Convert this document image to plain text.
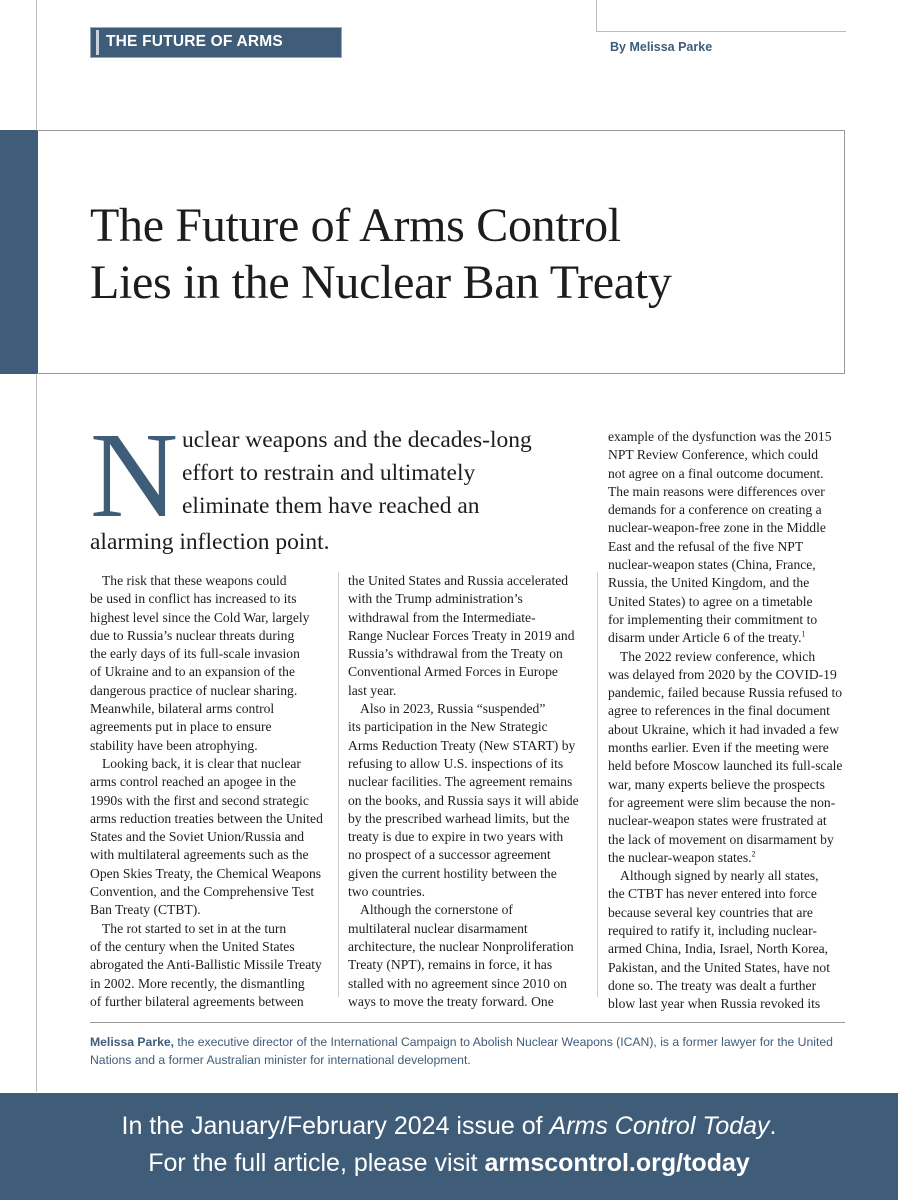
THE FUTURE OF ARMS CONTROL
By Melissa Parke
The Future of Arms Control
Lies in the Nuclear Ban Treaty
N uclear weapons and the decades-long
effort to restrain and ultimately
eliminate them have reached an
alarming inflection point.
The risk that these weapons could
be used in conflict has increased to its
highest level since the Cold War, largely
due to Russia’s nuclear threats during
the early days of its full-scale invasion
of Ukraine and to an expansion of the
dangerous practice of nuclear sharing.
Meanwhile, bilateral arms control
agreements put in place to ensure
stability have been atrophying.
Looking back, it is clear that nuclear
arms control reached an apogee in the
1990s with the first and second strategic
arms reduction treaties between the United
States and the Soviet Union/Russia and
with multilateral agreements such as the
Open Skies Treaty, the Chemical Weapons
Convention, and the Comprehensive Test
Ban Treaty (CTBT).
The rot started to set in at the turn
of the century when the United States
abrogated the Anti-Ballistic Missile Treaty
in 2002. More recently, the dismantling
of further bilateral agreements between
the United States and Russia accelerated
with the Trump administration’s
withdrawal from the Intermediate-
Range Nuclear Forces Treaty in 2019 and
Russia’s withdrawal from the Treaty on
Conventional Armed Forces in Europe
last year.
Also in 2023, Russia “suspended”
its participation in the New Strategic
Arms Reduction Treaty (New START) by
refusing to allow U.S. inspections of its
nuclear facilities. The agreement remains
on the books, and Russia says it will abide
by the prescribed warhead limits, but the
treaty is due to expire in two years with
no prospect of a successor agreement
given the current hostility between the
two countries.
Although the cornerstone of
multilateral nuclear disarmament
architecture, the nuclear Nonproliferation
Treaty (NPT), remains in force, it has
stalled with no agreement since 2010 on
ways to move the treaty forward. One
example of the dysfunction was the 2015
NPT Review Conference, which could
not agree on a final outcome document.
The main reasons were differences over
demands for a conference on creating a
nuclear-weapon-free zone in the Middle
East and the refusal of the five NPT
nuclear-weapon states (China, France,
Russia, the United Kingdom, and the
United States) to agree on a timetable
for implementing their commitment to
disarm under Article 6 of the treaty.$^1$
The 2022 review conference, which
was delayed from 2020 by the COVID-19
pandemic, failed because Russia refused to
agree to references in the final document
about Ukraine, which it had invaded a few
months earlier. Even if the meeting were
held before Moscow launched its full-scale
war, many experts believe the prospects
for agreement were slim because the non-
nuclear-weapon states were frustrated at
the lack of movement on disarmament by
the nuclear-weapon states.$^2$
Although signed by nearly all states,
the CTBT has never entered into force
because several key countries that are
required to ratify it, including nuclear-
armed China, India, Israel, North Korea,
Pakistan, and the United States, have not
done so. The treaty was dealt a further
blow last year when Russia revoked its

Melissa Parke, the executive director of the International Campaign to Abolish Nuclear Weapons (ICAN), is a former lawyer for the United Nations and a former Australian minister for international development.

In the January/February 2024 issue of Arms Control Today.
For the full article, please visit armscontrol.org/today
